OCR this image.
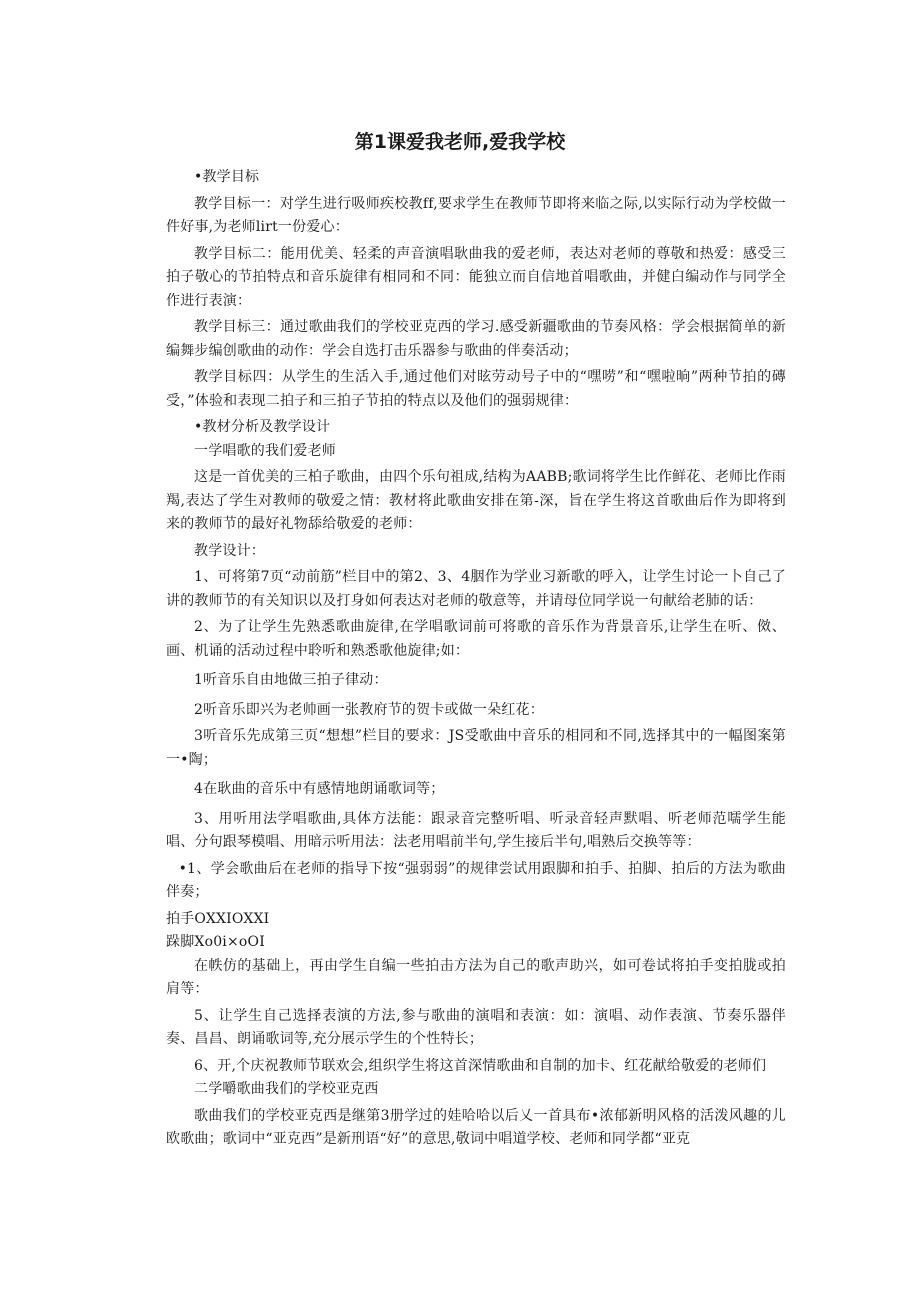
第1课爱我老师,爱我学校

•教学目标

教学目标一：对学生进行吸师疾校教ff,要求学生在教师节即将来临之际,以实际行动为学校做一件好事,为老师lirt一份爱心：

教学目标二：能用优美、轻柔的声音演唱耿曲我的爱老师，表达对老师的尊敬和热爱：感受三拍子敬心的节拍特点和音乐旋律有相同和不同：能独立而自信地首唱歌曲，并健白编动作与同学全作进行表演：

教学目标三：通过歌曲我们的学校亚克西的学习.感受新疆歌曲的节奏风格：学会根据简单的新编舞步编创歌曲的动作：学会自选打击乐器参与歌曲的伴奏活动；

教学目标四：从学生的生活入手,通过他们对眩劳动号子中的“嘿唠”和“嘿啦晌”两种节拍的磚受，”体验和表现二拍子和三拍子节拍的特点以及他们的强弱规律：

•教材分析及教学设计

一学唱歌的我们爱老师

这是一首优美的三柏子歌曲，由四个乐句祖成,结构为AABB;歌词将学生比作鲜花、老师比作雨羯,表达了学生对教师的敬爱之情：教材将此歌曲安排在第-深，旨在学生将这首歌曲后作为即将到来的教师节的最好礼物舔给敬爱的老师：

教学设计：

1、可将第7页“动前筋”栏目中的第2、3、4胭作为学业习新歌的呼入，让学生讨论一卜自己了讲的教师节的有关知识以及打身如何表达对老师的敬意等，并请母位同学说一句献给老肺的话：

2、为了让学生先熟悉歌曲旋律,在学唱歌词前可将歌的音乐作为背景音乐,让学生在听、傚、画、机诵的活动过程中聆听和熟悉歌他旋律;如：

1听音乐自由地做三拍子律动：

2听音乐即兴为老帅画一张教府节的贺卡或做一朵红花：

3听音乐先成第三页“想想”栏目的要求：JS受歌曲中音乐的相同和不同,选择其中的一幅图案第一•陶；

4在耿曲的音乐中有感情地朗诵歌词等；

3、用听用法学唱歌曲,具体方法能：跟录音完整听唱、听录音轻声默唱、听老师范嚅学生能唱、分句跟琴模唱、用暗示听用法：法老用唱前半句,学生接后半句,唱熟后交换等等：

•1、学会歌曲后在老师的指导下按“强弱弱”的规律尝试用跟脚和拍手、拍脚、拍后的方法为歌曲伴奏；

拍手OXXIOXXI

跺脚Xo0i×oOI

在帙仿的基础上，再由学生自编一些拍击方法为自己的歌声助兴，如可卷试将拍手变拍胧或拍肩等：

5、让学生自己选择表演的方法,参与歌曲的演唱和表演：如：演唱、动作表演、节奏乐器伴奏、昌昌、朗诵歌词等,充分展示学生的个性特长；

6、开,个庆祝教师节联欢会,组织学生将这首深情歌曲和自制的加卡、红花献给敬爱的老师们

二学嚼歌曲我们的学校亚克西

歌曲我们的学校亚克西是继第3册学过的娃哈哈以后乂一首具布•浓郁新明风格的活泼风趣的儿欧歌曲；歌词中“亚克西”是新刑语“好”的意思,敬词中唱道学校、老师和同学都“亚克
